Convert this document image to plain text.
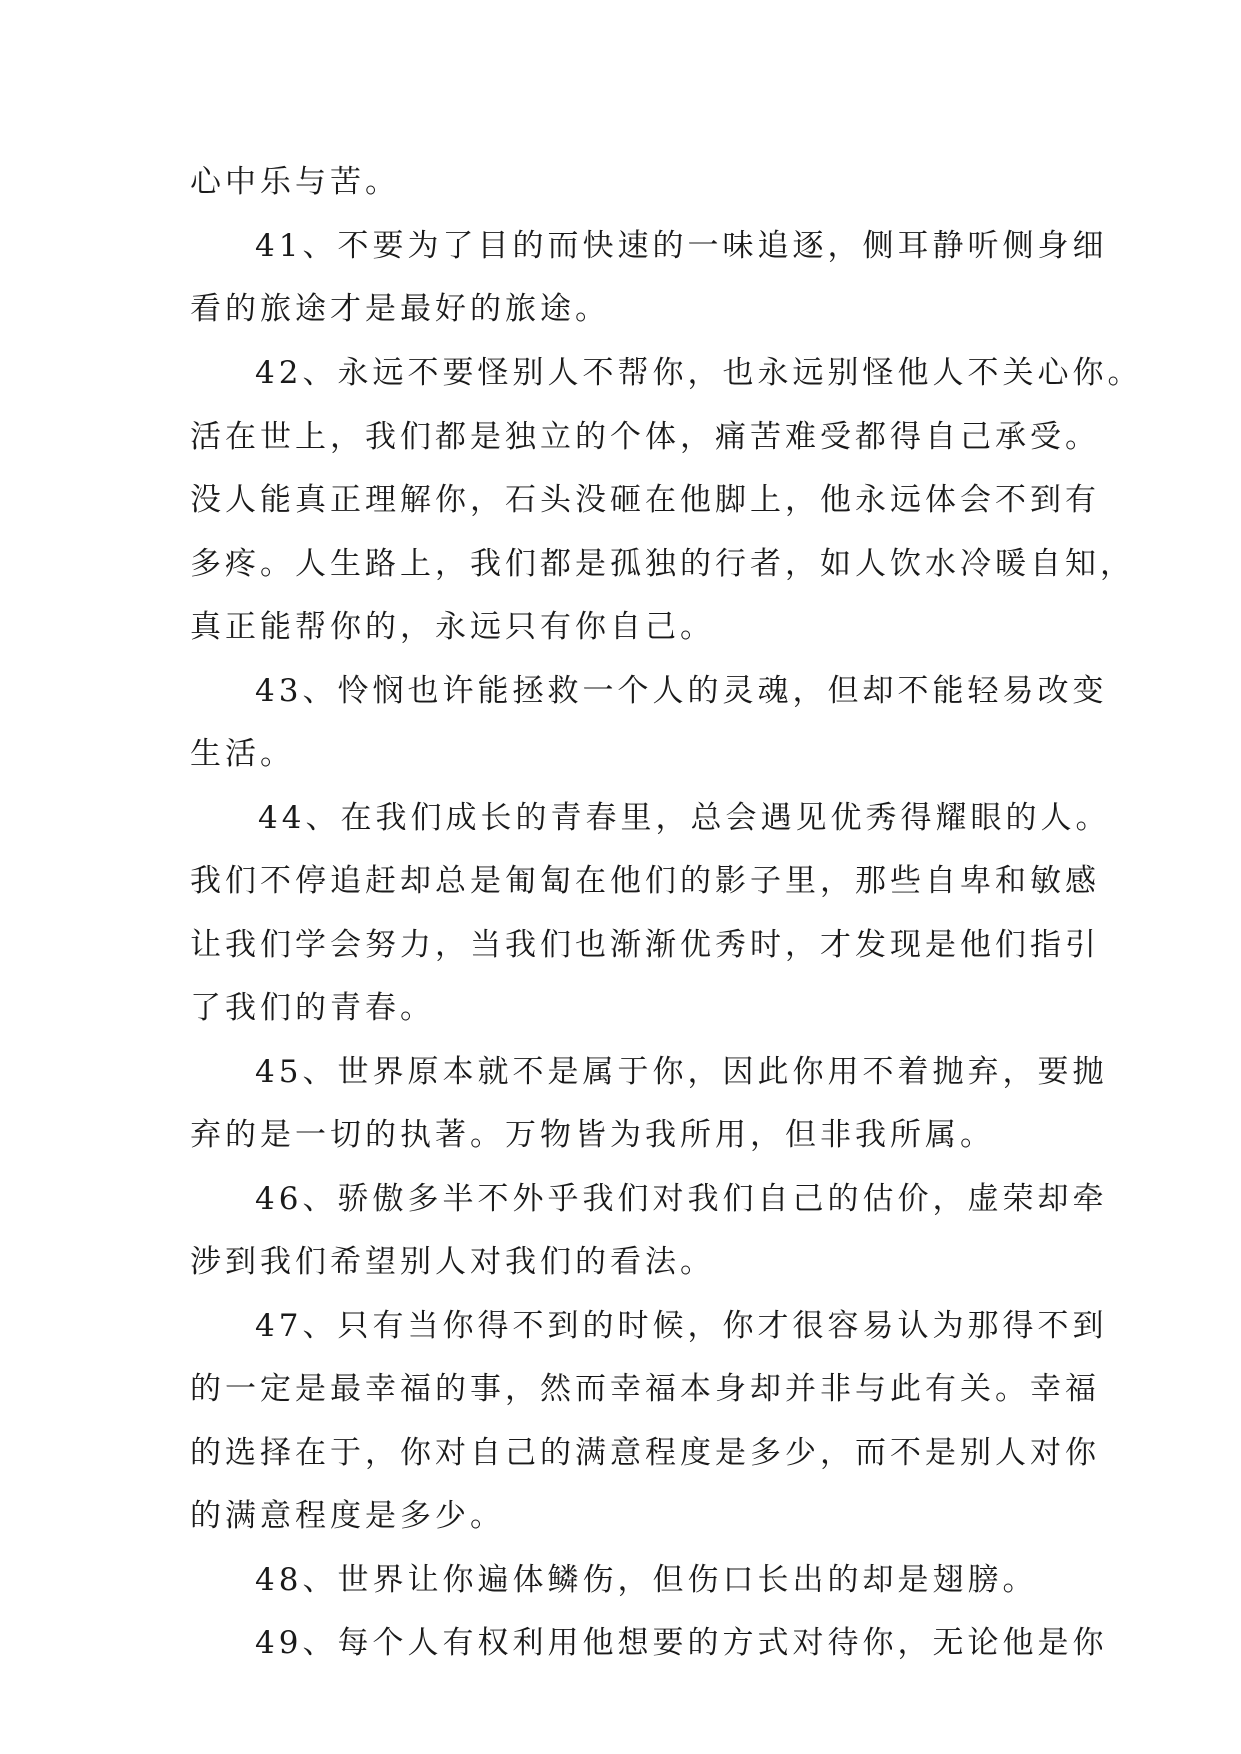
心中乐与苦。
41、不要为了目的而快速的一味追逐，侧耳静听侧身细
看的旅途才是最好的旅途。
42、永远不要怪别人不帮你，也永远别怪他人不关心你。
活在世上，我们都是独立的个体，痛苦难受都得自己承受。
没人能真正理解你，石头没砸在他脚上，他永远体会不到有
多疼。人生路上，我们都是孤独的行者，如人饮水冷暖自知，
真正能帮你的，永远只有你自己。
43、怜悯也许能拯救一个人的灵魂，但却不能轻易改变
生活。
44、在我们成长的青春里，总会遇见优秀得耀眼的人。
我们不停追赶却总是匍匐在他们的影子里，那些自卑和敏感
让我们学会努力，当我们也渐渐优秀时，才发现是他们指引
了我们的青春。
45、世界原本就不是属于你，因此你用不着抛弃，要抛
弃的是一切的执著。万物皆为我所用，但非我所属。
46、骄傲多半不外乎我们对我们自己的估价，虚荣却牵
涉到我们希望别人对我们的看法。
47、只有当你得不到的时候，你才很容易认为那得不到
的一定是最幸福的事，然而幸福本身却并非与此有关。幸福
的选择在于，你对自己的满意程度是多少，而不是别人对你
的满意程度是多少。
48、世界让你遍体鳞伤，但伤口长出的却是翅膀。
49、每个人有权利用他想要的方式对待你，无论他是你
